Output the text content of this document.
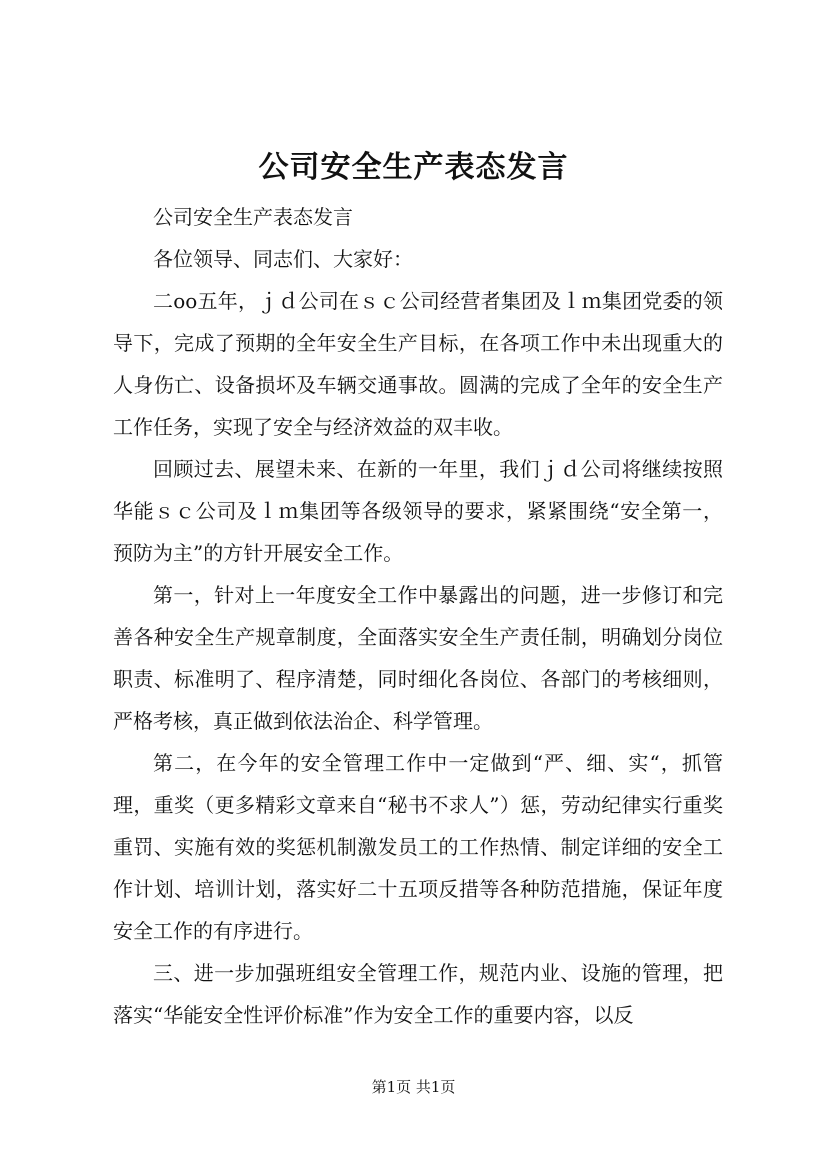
公司安全生产表态发言

公司安全生产表态发言

各位领导、同志们、大家好：

二oo五年，ｊｄ公司在ｓｃ公司经营者集团及ｌｍ集团党委的领导下，完成了预期的全年安全生产目标，在各项工作中未出现重大的人身伤亡、设备损坏及车辆交通事故。圆满的完成了全年的安全生产工作任务，实现了安全与经济效益的双丰收。

回顾过去、展望未来、在新的一年里，我们ｊｄ公司将继续按照华能ｓｃ公司及ｌｍ集团等各级领导的要求，紧紧围绕“安全第一，预防为主”的方针开展安全工作。

第一，针对上一年度安全工作中暴露出的问题，进一步修订和完善各种安全生产规章制度，全面落实安全生产责任制，明确划分岗位职责、标准明了、程序清楚，同时细化各岗位、各部门的考核细则，严格考核，真正做到依法治企、科学管理。

第二，在今年的安全管理工作中一定做到“严、细、实“，抓管理，重奖（更多精彩文章来自“秘书不求人”）惩，劳动纪律实行重奖重罚、实施有效的奖惩机制激发员工的工作热情、制定详细的安全工作计划、培训计划，落实好二十五项反措等各种防范措施，保证年度安全工作的有序进行。

三、进一步加强班组安全管理工作，规范内业、设施的管理，把落实“华能安全性评价标准”作为安全工作的重要内容，以反

第1页 共1页
